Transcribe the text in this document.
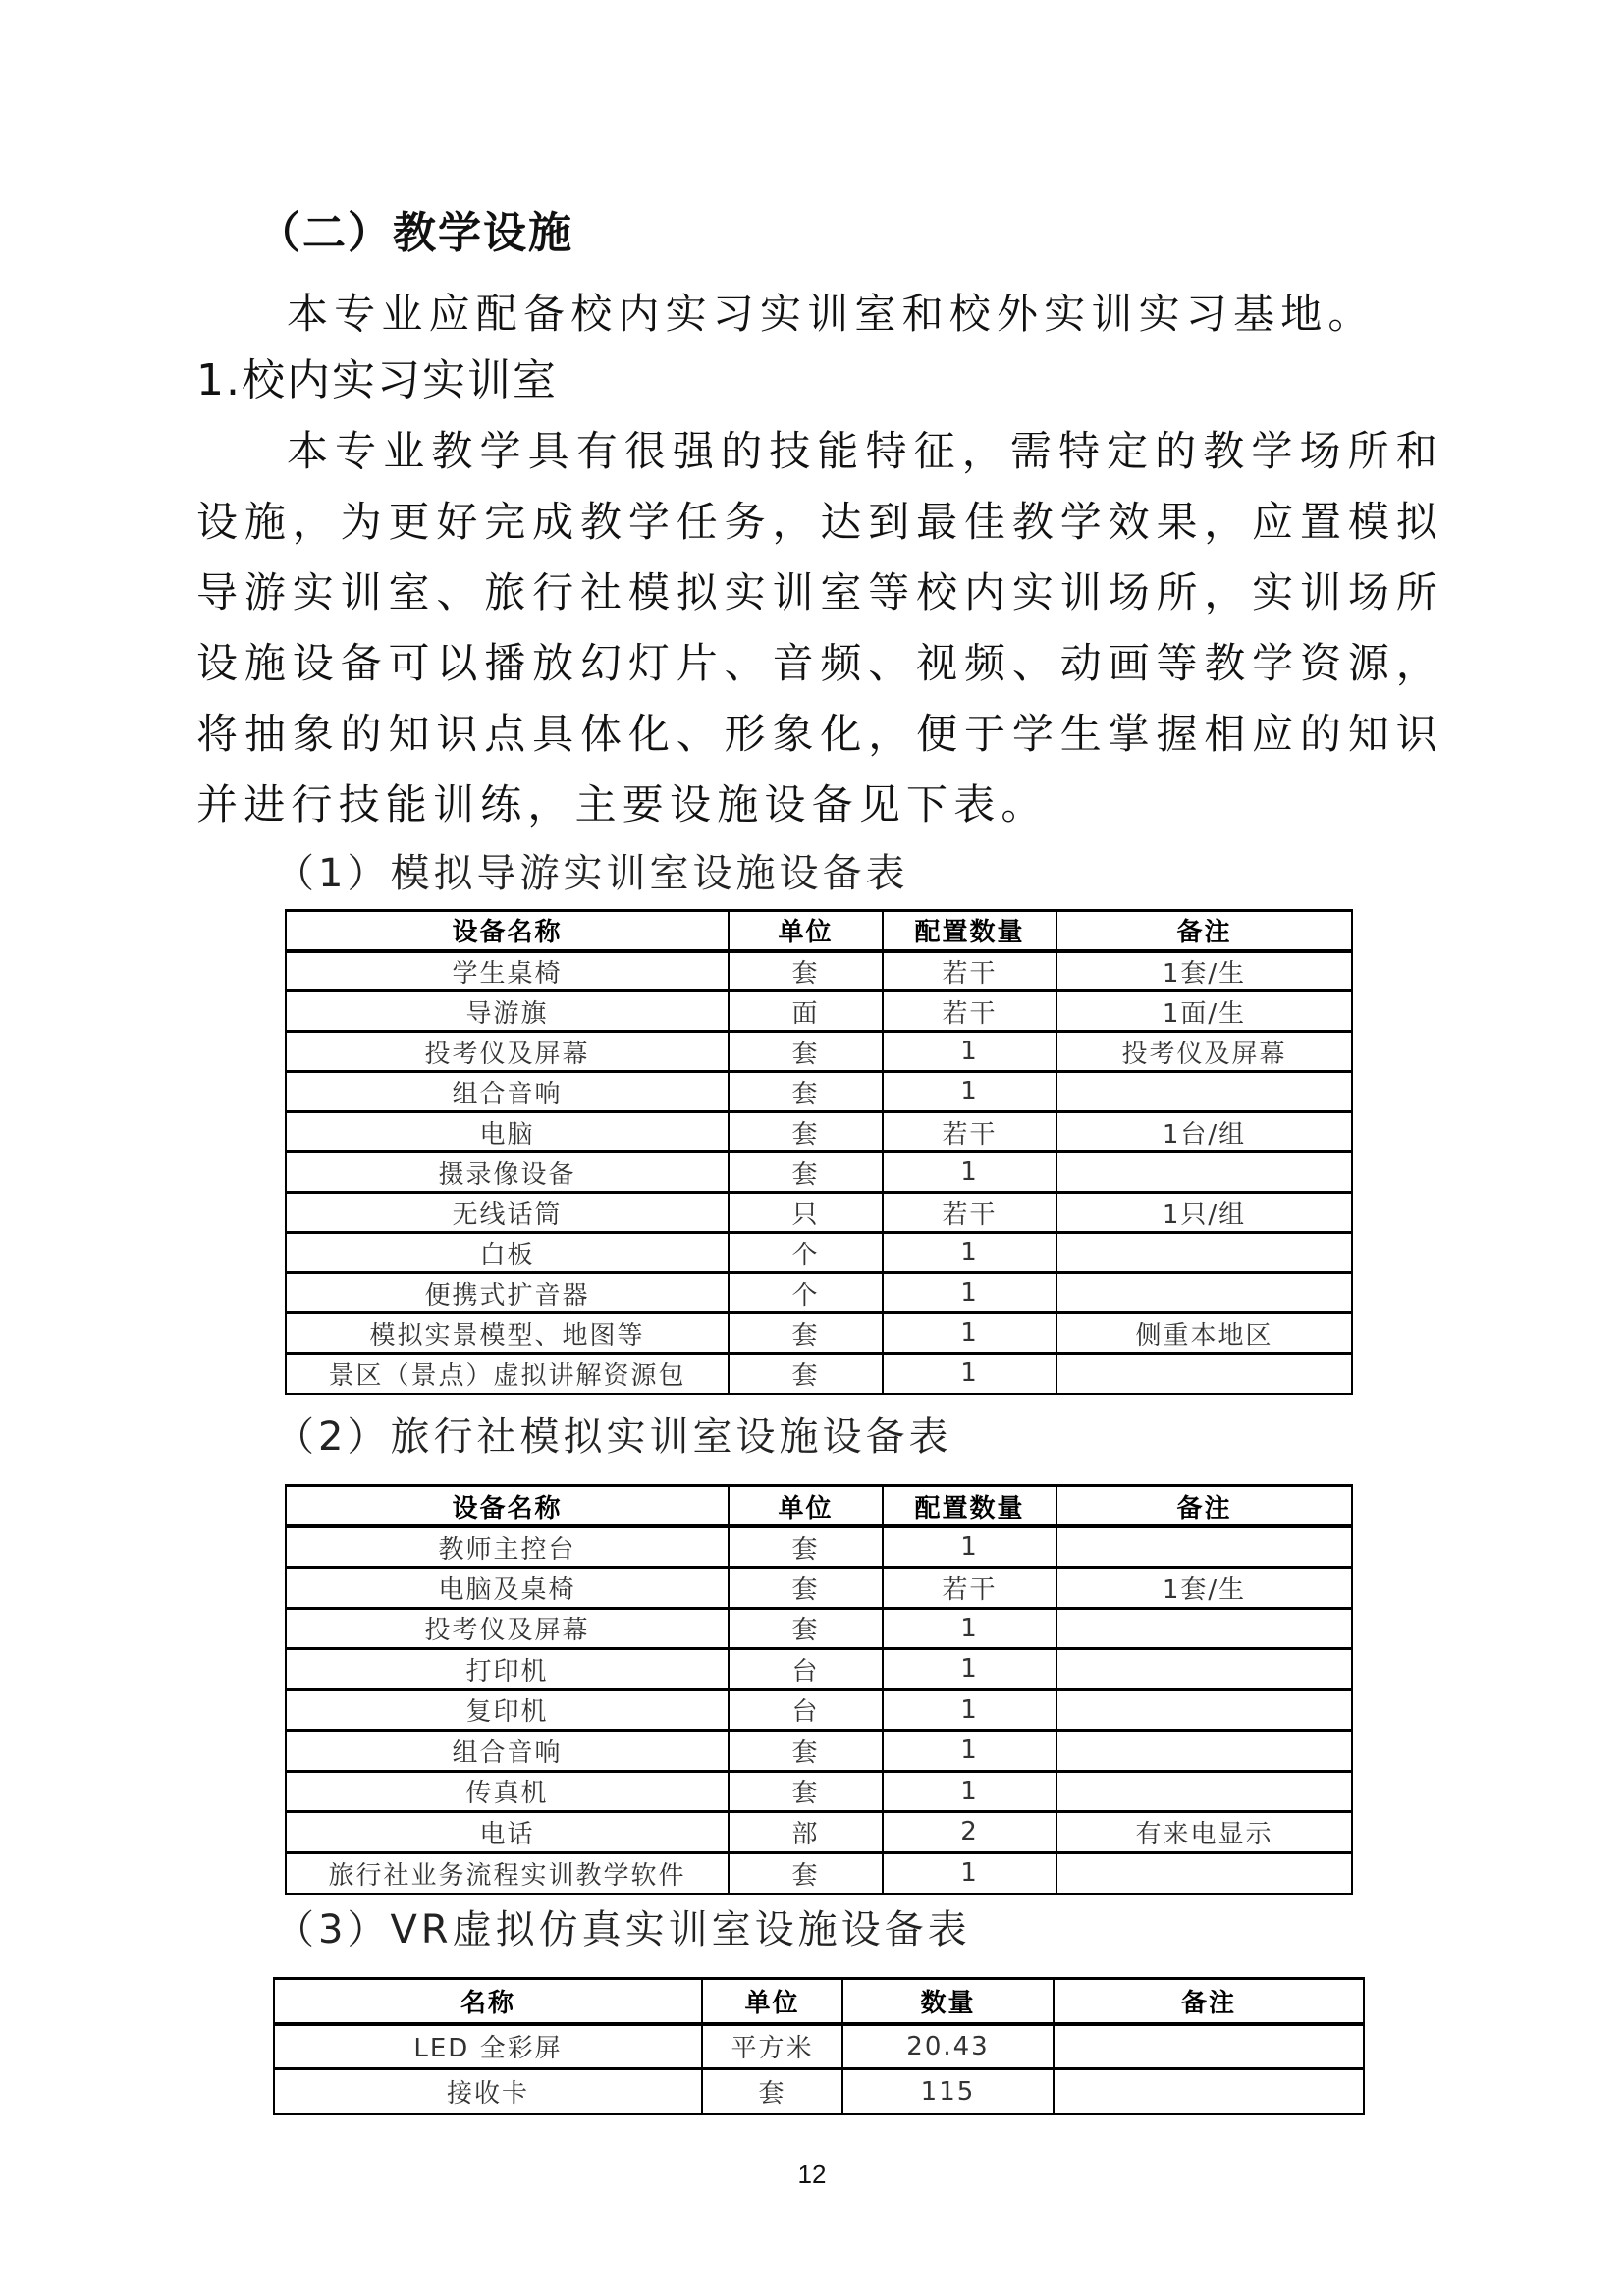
（二）教学设施
本专业应配备校内实习实训室和校外实训实习基地。
1.校内实习实训室
本专业教学具有很强的技能特征，需特定的教学场所和设施，为更好完成教学任务，达到最佳教学效果，应置模拟导游实训室、旅行社模拟实训室等校内实训场所，实训场所设施设备可以播放幻灯片、音频、视频、动画等教学资源，将抽象的知识点具体化、形象化，便于学生掌握相应的知识并进行技能训练，主要设施设备见下表。
（1）模拟导游实训室设施设备表
设备名称	单位	配置数量	备注
学生桌椅	套	若干	1套/生
导游旗	面	若干	1面/生
投考仪及屏幕	套	1	投考仪及屏幕
组合音响	套	1	
电脑	套	若干	1台/组
摄录像设备	套	1	
无线话筒	只	若干	1只/组
白板	个	1	
便携式扩音器	个	1	
模拟实景模型、地图等	套	1	侧重本地区
景区（景点）虚拟讲解资源包	套	1	
（2）旅行社模拟实训室设施设备表
设备名称	单位	配置数量	备注
教师主控台	套	1	
电脑及桌椅	套	若干	1套/生
投考仪及屏幕	套	1	
打印机	台	1	
复印机	台	1	
组合音响	套	1	
传真机	套	1	
电话	部	2	有来电显示
旅行社业务流程实训教学软件	套	1	
（3）VR虚拟仿真实训室设施设备表
名称	单位	数量	备注
LED 全彩屏	平方米	20.43	
接收卡	套	115	
12
